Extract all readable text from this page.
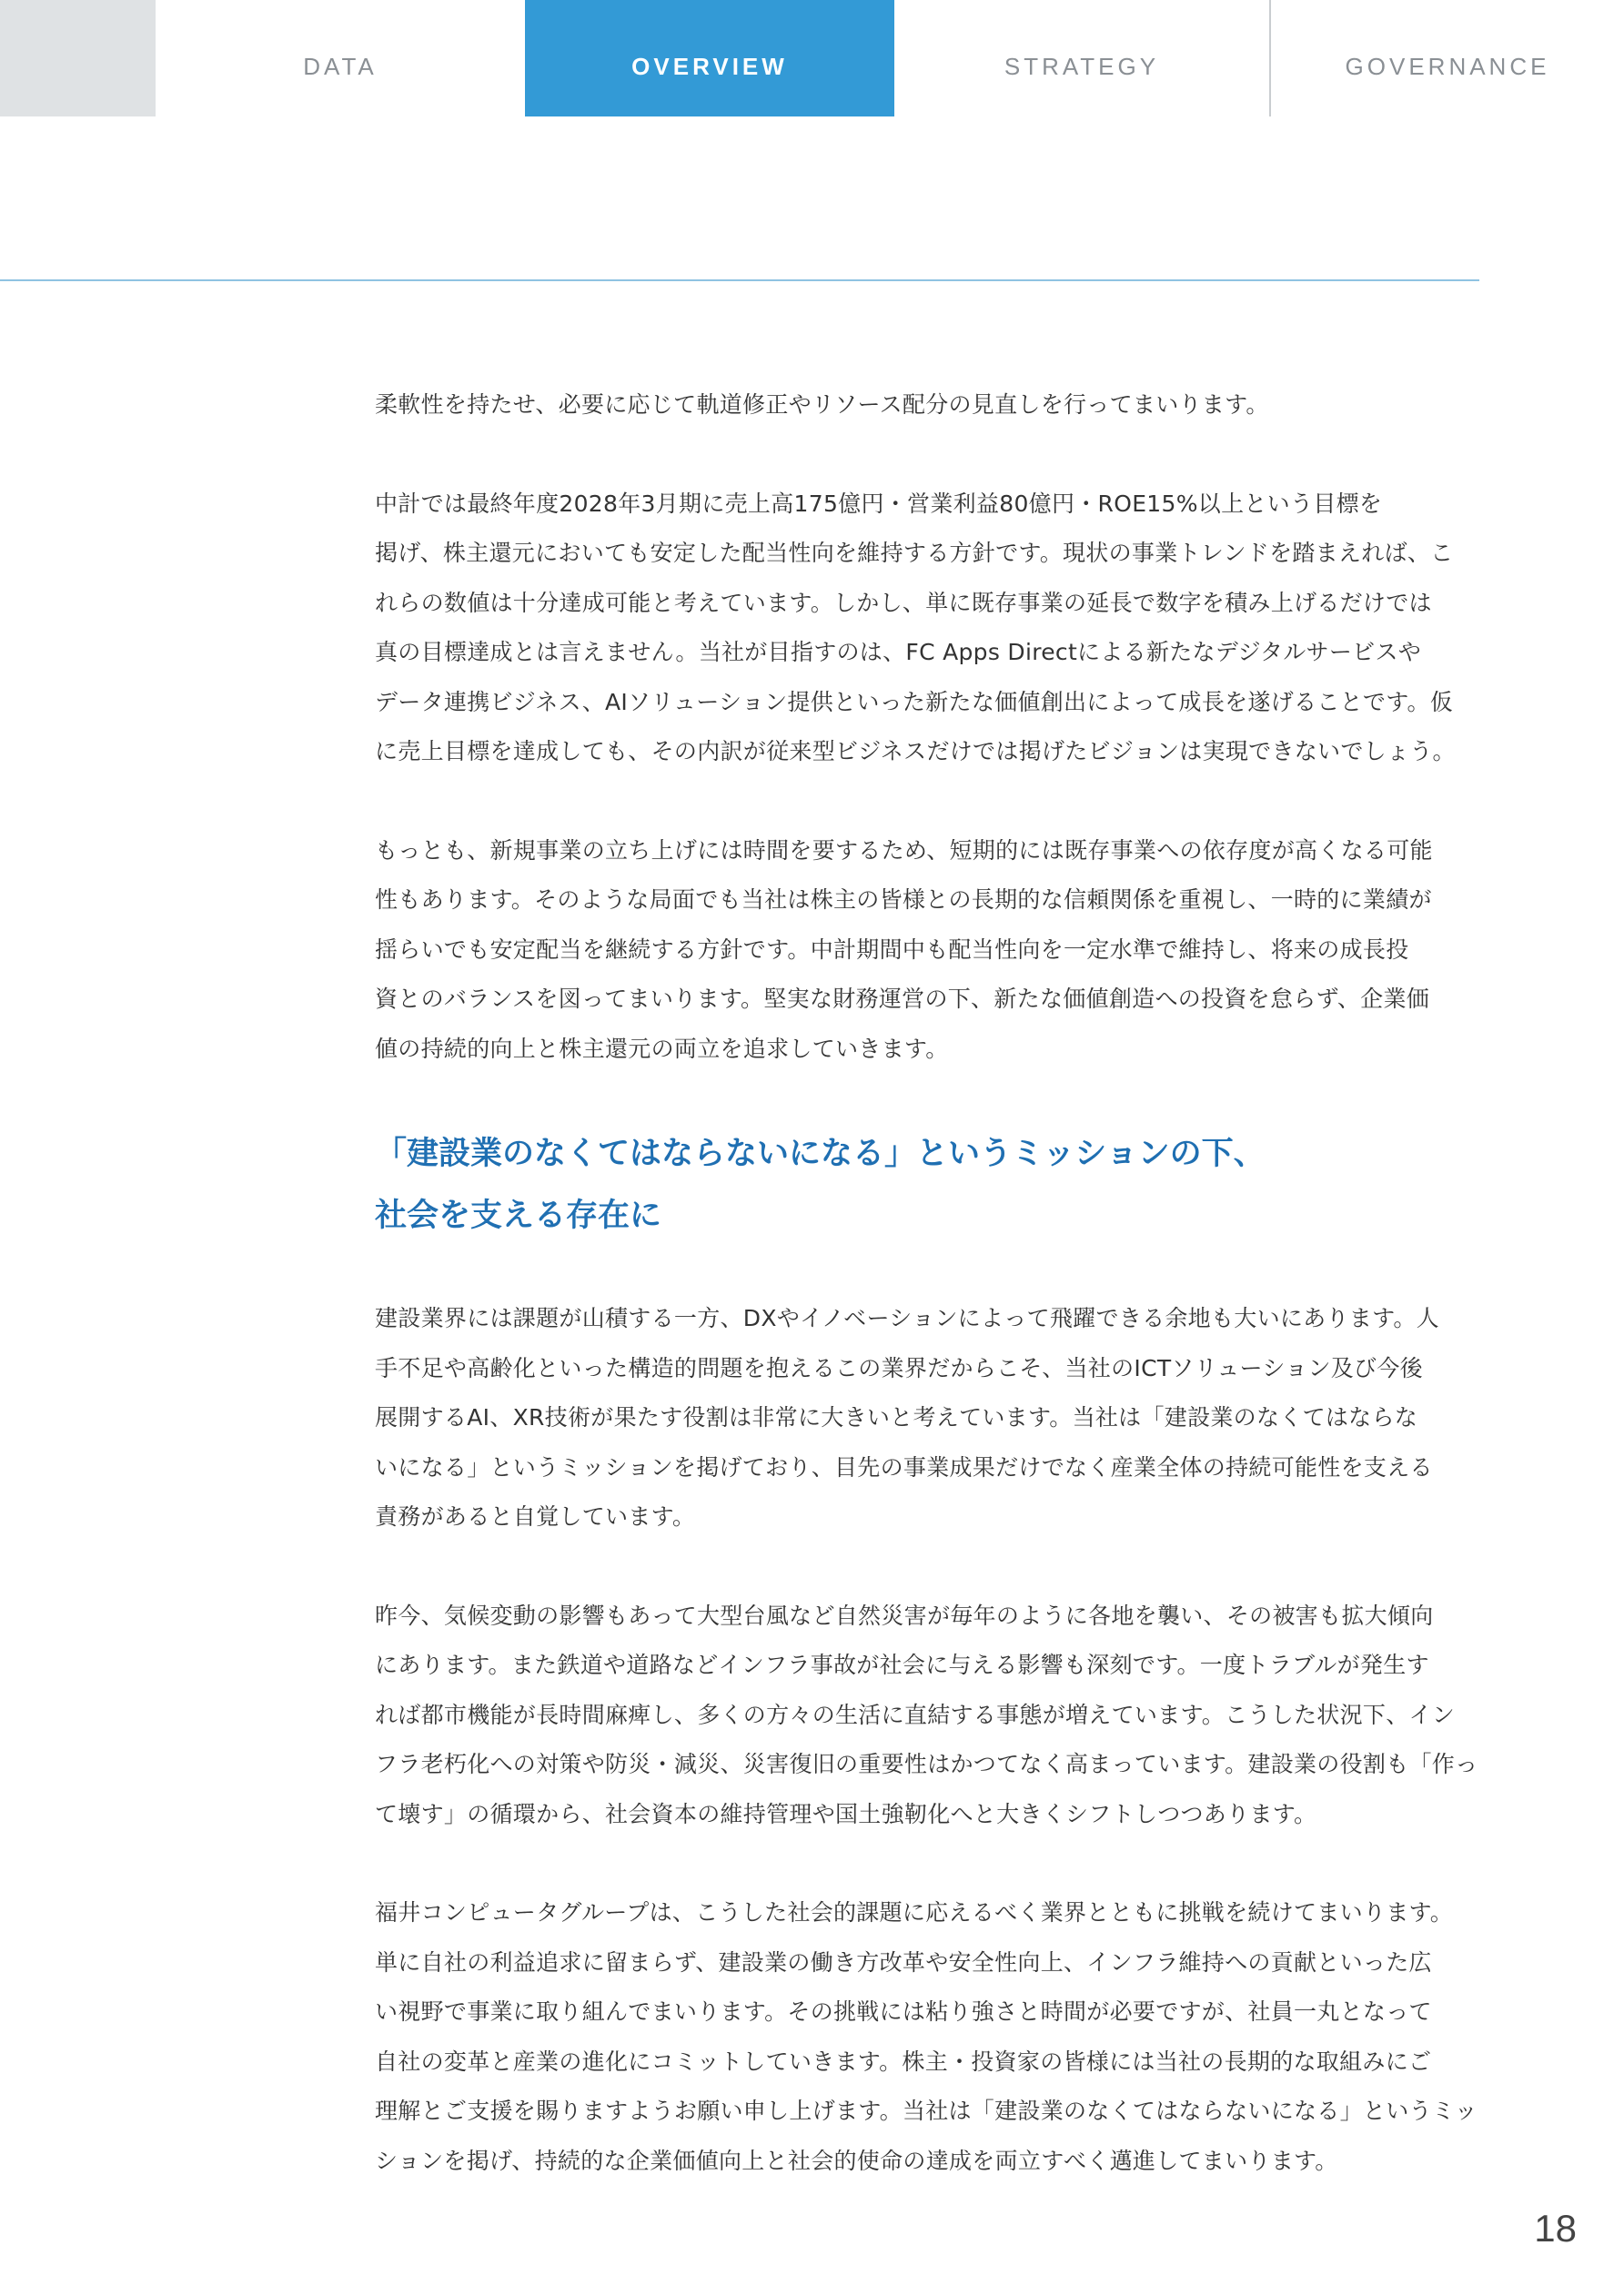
DATA	OVERVIEW	STRATEGY	GOVERNANCE

柔軟性を持たせ、必要に応じて軌道修正やリソース配分の見直しを行ってまいります。

中計では最終年度2028年3月期に売上高175億円・営業利益80億円・ROE15%以上という目標を
掲げ、株主還元においても安定した配当性向を維持する方針です。現状の事業トレンドを踏まえれば、こ
れらの数値は十分達成可能と考えています。しかし、単に既存事業の延長で数字を積み上げるだけでは
真の目標達成とは言えません。当社が目指すのは、FC Apps Directによる新たなデジタルサービスや
データ連携ビジネス、AIソリューション提供といった新たな価値創出によって成長を遂げることです。仮
に売上目標を達成しても、その内訳が従来型ビジネスだけでは掲げたビジョンは実現できないでしょう。

もっとも、新規事業の立ち上げには時間を要するため、短期的には既存事業への依存度が高くなる可能
性もあります。そのような局面でも当社は株主の皆様との長期的な信頼関係を重視し、一時的に業績が
揺らいでも安定配当を継続する方針です。中計期間中も配当性向を一定水準で維持し、将来の成長投
資とのバランスを図ってまいります。堅実な財務運営の下、新たな価値創造への投資を怠らず、企業価
値の持続的向上と株主還元の両立を追求していきます。

「建設業のなくてはならないになる」というミッションの下、
社会を支える存在に

建設業界には課題が山積する一方、DXやイノベーションによって飛躍できる余地も大いにあります。人
手不足や高齢化といった構造的問題を抱えるこの業界だからこそ、当社のICTソリューション及び今後
展開するAI、XR技術が果たす役割は非常に大きいと考えています。当社は「建設業のなくてはならな
いになる」というミッションを掲げており、目先の事業成果だけでなく産業全体の持続可能性を支える
責務があると自覚しています。

昨今、気候変動の影響もあって大型台風など自然災害が毎年のように各地を襲い、その被害も拡大傾向
にあります。また鉄道や道路などインフラ事故が社会に与える影響も深刻です。一度トラブルが発生す
れば都市機能が長時間麻痺し、多くの方々の生活に直結する事態が増えています。こうした状況下、イン
フラ老朽化への対策や防災・減災、災害復旧の重要性はかつてなく高まっています。建設業の役割も「作っ
て壊す」の循環から、社会資本の維持管理や国土強靭化へと大きくシフトしつつあります。

福井コンピュータグループは、こうした社会的課題に応えるべく業界とともに挑戦を続けてまいります。
単に自社の利益追求に留まらず、建設業の働き方改革や安全性向上、インフラ維持への貢献といった広
い視野で事業に取り組んでまいります。その挑戦には粘り強さと時間が必要ですが、社員一丸となって
自社の変革と産業の進化にコミットしていきます。株主・投資家の皆様には当社の長期的な取組みにご
理解とご支援を賜りますようお願い申し上げます。当社は「建設業のなくてはならないになる」というミッ
ションを掲げ、持続的な企業価値向上と社会的使命の達成を両立すべく邁進してまいります。

18
